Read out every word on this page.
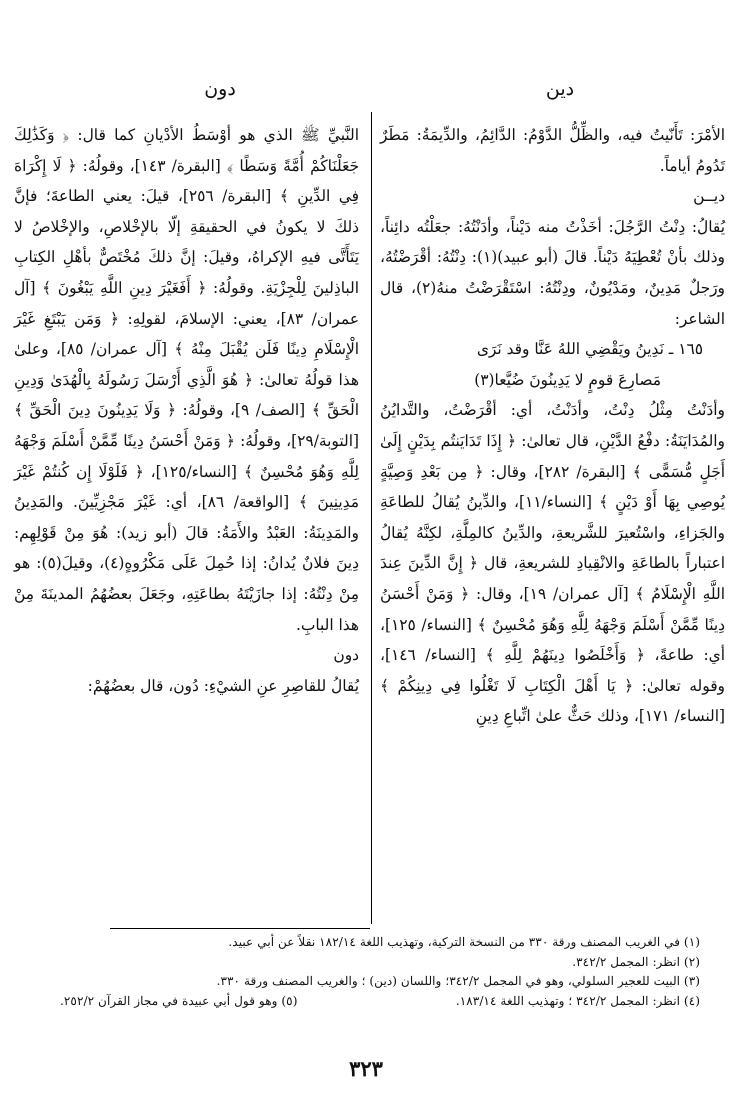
دين
دون

الأمْرَ: تَأَنّيتُ فيه، والظِّلُّ الدَّوْمُ: الدَّائِمُ، والدِّيمَةُ: مَطَرٌ تَدُومُ أياماً.

ديــن

يُقالُ: دِنْتُ الرَّجُلَ: أخَذْتُ منه دَيْناً، وأدَنْتُهُ: جعَلْتُه دائِناً، وذلك بأنْ تُعْطِيَهُ دَيْناً. قالَ (أبو عبيد)(١): دِنْتُهُ: أقْرَضْتُهُ، ورَجلٌ مَدِينٌ، ومَدْيُونٌ، ودِنْتُهُ: اسْتَقْرَضْتُ منهُ(٢)، قال الشاعر:

١٦٥ ـ نَدِينُ ويَقْضِي اللهُ عَنَّا وقد نَرَى

مَصارِعَ قومٍ لا يَدِينُونَ ضُيَّعا(٣)

وأدَنْتُ مِثْلُ دِنْتُ، وأدَنْتُ، أي: أقْرَضْتُ، والتَّدايُنُ والمُدَايَنَةُ: دفْعُ الدَّيْنِ، قال تعالىٰ: ﴿ إِذَا تَدَايَنتُم بِدَيْنٍ إِلَىٰ أَجَلٍ مُّسَمًّى ﴾ [البقرة/ ٢٨٢]، وقال: ﴿ مِن بَعْدِ وَصِيَّةٍ يُوصِي بِهَا أَوْ دَيْنٍ ﴾ [النساء/١١]، والدِّينُ يُقالُ للطاعَةِ والجَزاءِ، واسْتُعيرَ للشَّريعةِ، والدِّينُ كالمِلَّةِ، لكِنَّهُ يُقالُ اعتباراً بالطاعَةِ والانْقِيادِ للشريعةِ، قال ﴿ إِنَّ الدِّينَ عِندَ اللَّهِ الْإِسْلَامُ ﴾ [آل عمران/ ١٩]، وقال: ﴿ وَمَنْ أَحْسَنُ دِينًا مِّمَّنْ أَسْلَمَ وَجْهَهُ لِلَّهِ وَهُوَ مُحْسِنٌ ﴾ [النساء/ ١٢٥]، أي: طاعةً، ﴿ وَأَخْلَصُوا دِينَهُمْ لِلَّهِ ﴾ [النساء/ ١٤٦]، وقوله تعالىٰ: ﴿ يَا أَهْلَ الْكِتَابِ لَا تَغْلُوا فِي دِينِكُمْ ﴾ [النساء/ ١٧١]، وذلك حَثٌّ علىٰ اتِّباعِ دِينِ

النَّبيِّ ﷺ الذي هو أوْسَطُ الأدْيانِ كما قال: ﴿ وَكَذَٰلِكَ جَعَلْنَاكُمْ أُمَّةً وَسَطًا ﴾ [البقرة/ ١٤٣]، وقولُهُ: ﴿ لَا إِكْرَاهَ فِي الدِّينِ ﴾ [البقرة/ ٢٥٦]، قيلَ: يعني الطاعةَ؛ فإنَّ ذلكَ لا يكونُ في الحقيقةِ إلّا بالإخْلاصِ، والإخْلاصُ لا يَتَأَتَّى فيهِ الإكراهُ، وقيلَ: إنَّ ذلكَ مُخْتَصٌّ بأهْلِ الكِتابِ الباذِلينَ لِلْجِزْيَةِ. وقولُهُ: ﴿ أَفَغَيْرَ دِينِ اللَّهِ يَبْغُونَ ﴾ [آل عمران/ ٨٣]، يعني: الإسلامَ، لقولِهِ: ﴿ وَمَن يَبْتَغِ غَيْرَ الْإِسْلَامِ دِينًا فَلَن يُقْبَلَ مِنْهُ ﴾ [آل عمران/ ٨٥]، وعلىٰ هذا قولُهُ تعالىٰ: ﴿ هُوَ الَّذِي أَرْسَلَ رَسُولَهُ بِالْهُدَىٰ وَدِينِ الْحَقِّ ﴾ [الصف/ ٩]، وقولُهُ: ﴿ وَلَا يَدِينُونَ دِينَ الْحَقِّ ﴾ [التوبة/٢٩]، وقولُهُ: ﴿ وَمَنْ أَحْسَنُ دِينًا مِّمَّنْ أَسْلَمَ وَجْهَهُ لِلَّهِ وَهُوَ مُحْسِنٌ ﴾ [النساء/١٢٥]، ﴿ فَلَوْلَا إِن كُنتُمْ غَيْرَ مَدِينِينَ ﴾ [الواقعة/ ٨٦]، أي: غَيْرَ مَجْزِيِّينَ. والمَدِينُ والمَدِينَةُ: العَبْدُ والأَمَةُ: قالَ (أبو زيد): هُوَ مِنْ قَوْلِهِم: دِينَ فلانٌ يُدانُ: إذا حُمِلَ عَلَى مَكْرُوهٍ(٤)، وقيلَ(٥): هو مِنْ دِنْتُهُ: إذا جازَيْتَهُ بطاعَتِهِ، وجَعَلَ بعضُهُمُ المدينَةَ مِنْ هذا البابِ.

دون

يُقالُ للقاصِرِ عنِ الشيْءِ: دُون، قال بعضُهُمْ:

(١) في الغريب المصنف ورقة ٣٣٠ من النسخة التركية، وتهذيب اللغة ١٨٢/١٤ نقلاً عن أبي عبيد.

(٢) انظر: المجمل ٣٤٢/٢.

(٣) البيت للعجير السلولي، وهو في المجمل ٣٤٢/٢؛ واللسان (دين) ؛ والغريب المصنف ورقة ٣٣٠.

(٤) انظر: المجمل ٣٤٢/٢ ؛ وتهذيب اللغة ١٨٣/١٤.
(٥) وهو قول أبي عبيدة في مجاز القرآن ٢٥٢/٢.
٣٢٣
